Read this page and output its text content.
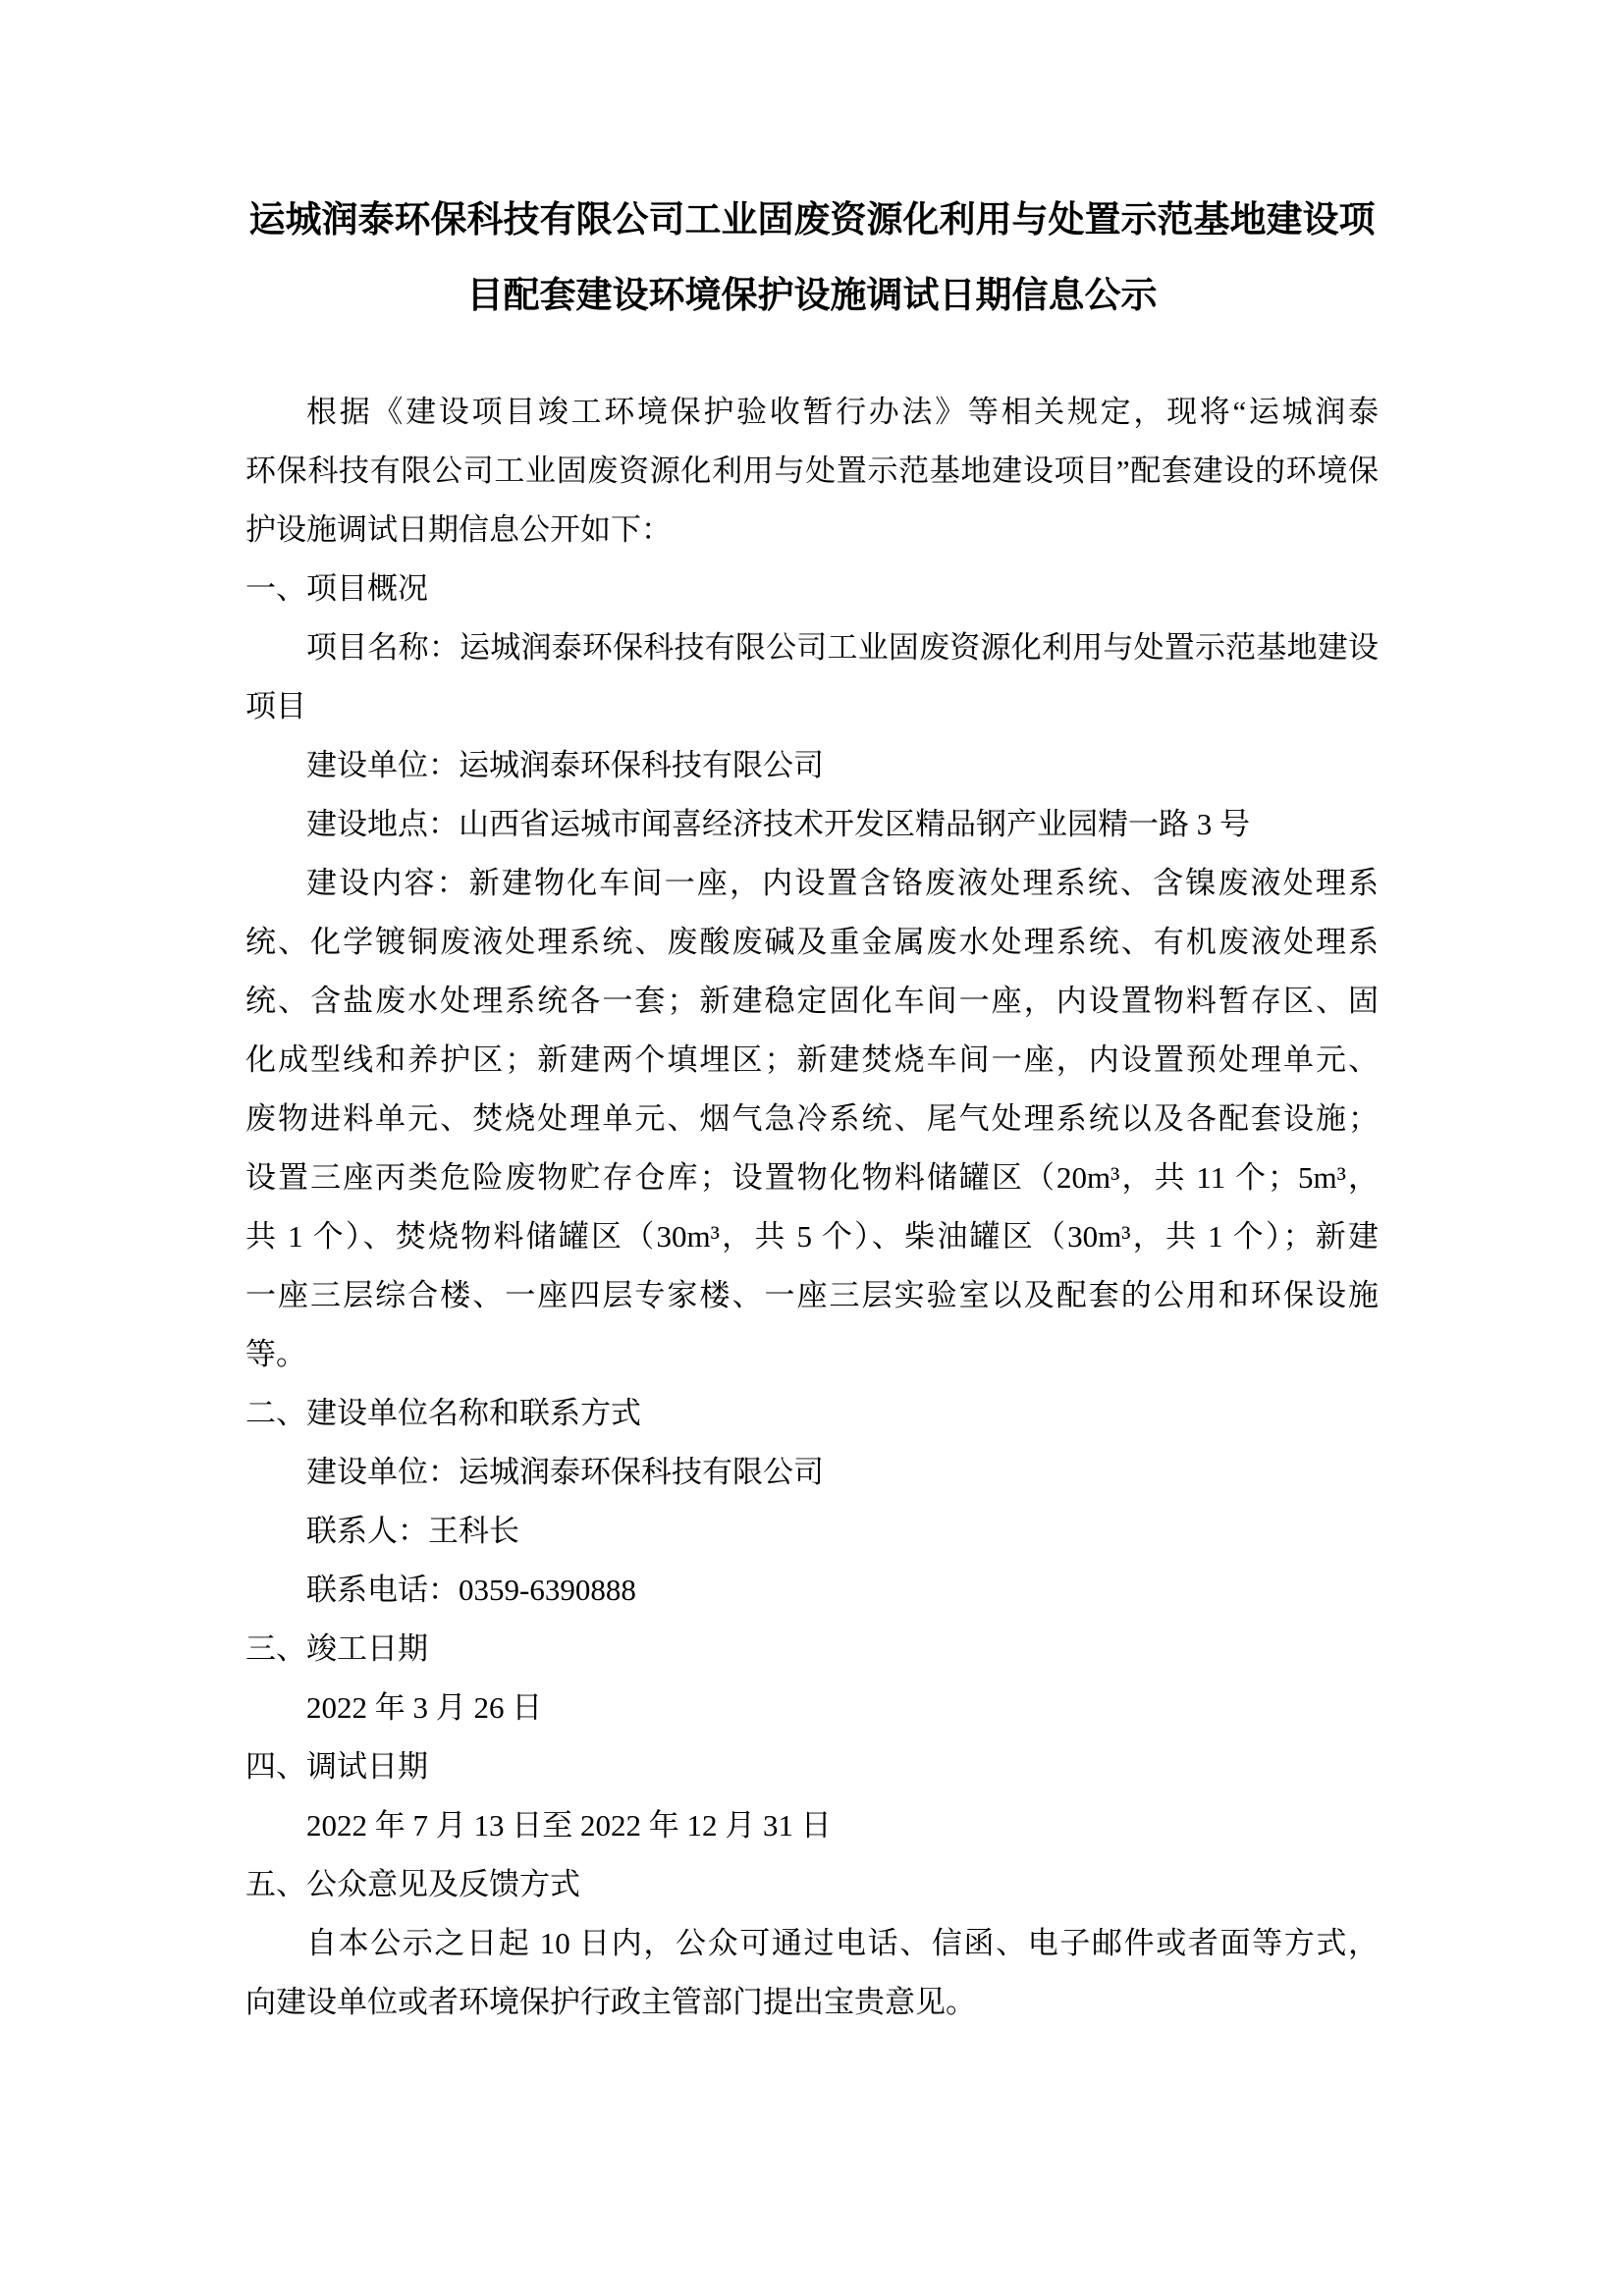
运城润泰环保科技有限公司工业固废资源化利用与处置示范基地建设项
目配套建设环境保护设施调试日期信息公示
根据《建设项目竣工环境保护验收暂行办法》等相关规定，现将“运城润泰
环保科技有限公司工业固废资源化利用与处置示范基地建设项目”配套建设的环境保
护设施调试日期信息公开如下：
一、项目概况
项目名称：运城润泰环保科技有限公司工业固废资源化利用与处置示范基地建设
项目
建设单位：运城润泰环保科技有限公司
建设地点：山西省运城市闻喜经济技术开发区精品钢产业园精一路 3 号
建设内容：新建物化车间一座，内设置含铬废液处理系统、含镍废液处理系
统、化学镀铜废液处理系统、废酸废碱及重金属废水处理系统、有机废液处理系
统、含盐废水处理系统各一套；新建稳定固化车间一座，内设置物料暂存区、固
化成型线和养护区；新建两个填埋区；新建焚烧车间一座，内设置预处理单元、
废物进料单元、焚烧处理单元、烟气急冷系统、尾气处理系统以及各配套设施；
设置三座丙类危险废物贮存仓库；设置物化物料储罐区（20m³，共 11 个；5m³，
共 1 个）、焚烧物料储罐区（30m³，共 5 个）、柴油罐区（30m³，共 1 个）；新建
一座三层综合楼、一座四层专家楼、一座三层实验室以及配套的公用和环保设施
等。
二、建设单位名称和联系方式
建设单位：运城润泰环保科技有限公司
联系人：王科长
联系电话：0359-6390888
三、竣工日期
2022 年 3 月 26 日
四、调试日期
2022 年 7 月 13 日至 2022 年 12 月 31 日
五、公众意见及反馈方式
自本公示之日起 10 日内，公众可通过电话、信函、电子邮件或者面等方式，
向建设单位或者环境保护行政主管部门提出宝贵意见。
